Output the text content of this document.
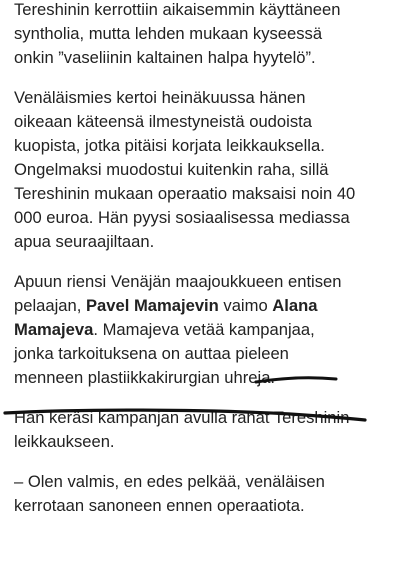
Tereshinin kerrottiin aikaisemmin käyttäneen
syntholia, mutta lehden mukaan kyseessä
onkin ”vaseliinin kaltainen halpa hyytelö”.

Venäläismies kertoi heinäkuussa hänen
oikeaan käteensä ilmestyneistä oudoista
kuopista, jotka pitäisi korjata leikkauksella.
Ongelmaksi muodostui kuitenkin raha, sillä
Tereshinin mukaan operaatio maksaisi noin 40
000 euroa. Hän pyysi sosiaalisessa mediassa
apua seuraajiltaan.

Apuun riensi Venäjän maajoukkueen entisen
pelaajan, Pavel Mamajevin vaimo Alana
Mamajeva. Mamajeva vetää kampanjaa,
jonka tarkoituksena on auttaa pieleen
menneen plastiikkakirurgian uhreja.

Hän keräsi kampanjan avulla rahat Tereshinin
leikkaukseen.

– Olen valmis, en edes pelkää, venäläisen
kerrotaan sanoneen ennen operaatiota.
